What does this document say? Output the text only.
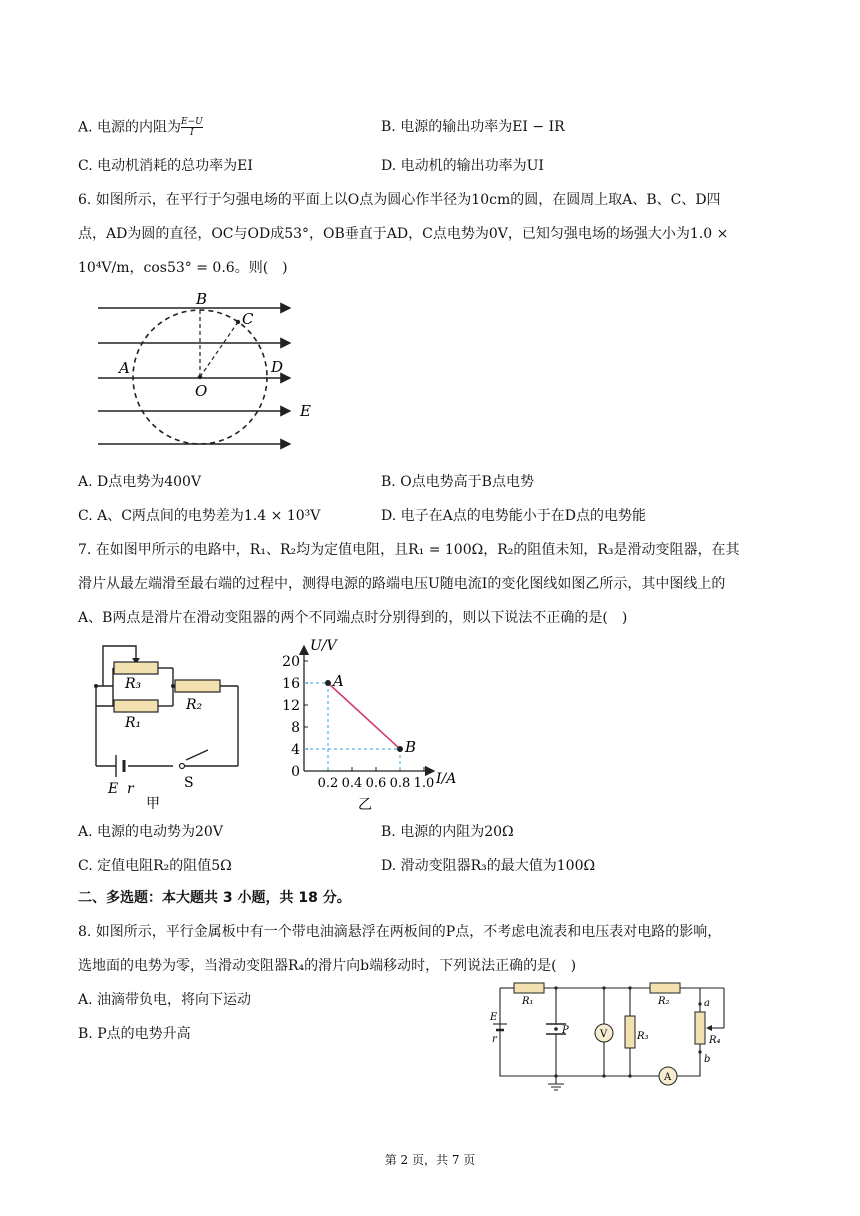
A. 电源的内阻为 $\frac{E-U}{I}$	B. 电源的输出功率为EI − IR
C. 电动机消耗的总功率为EI	D. 电动机的输出功率为UI
6. 如图所示，在平行于匀强电场的平面上以O点为圆心作半径为10cm的圆，在圆周上取A、B、C、D四
点，AD为圆的直径，OC与OD成53°，OB垂直于AD，C点电势为0V，已知匀强电场的场强大小为1.0 ×
10⁴V/m，cos53° = 0.6。则(　)
B
C
A	D
O
E
A. D点电势为400V	B. O点电势高于B点电势
C. A、C两点间的电势差为1.4 × 10³V	D. 电子在A点的电势能小于在D点的电势能
7. 在如图甲所示的电路中，R₁、R₂均为定值电阻，且R₁ = 100Ω，R₂的阻值未知，R₃是滑动变阻器，在其
滑片从最左端滑至最右端的过程中，测得电源的路端电压U随电流I的变化图线如图乙所示，其中图线上的
A、B两点是滑片在滑动变阻器的两个不同端点时分别得到的，则以下说法不正确的是(　)
R₃
R₁
R₂
E r	S
甲
U/V
I/A
乙
0
4
8
12
16
20
0.2 0.4 0.6 0.8 1.0
A
B
A. 电源的电动势为20V	B. 电源的内阻为20Ω
C. 定值电阻R₂的阻值5Ω	D. 滑动变阻器R₃的最大值为100Ω
二、多选题：本大题共 3 小题，共 18 分。
8. 如图所示，平行金属板中有一个带电油滴悬浮在两板间的P点，不考虑电流表和电压表对电路的影响，
选地面的电势为零，当滑动变阻器R₄的滑片向b端移动时，下列说法正确的是(　)
A. 油滴带负电，将向下运动
B. P点的电势升高	V
A
R₁	R₂
R₃	R₄
E
r
P
a
b
第 2 页，共 7 页
